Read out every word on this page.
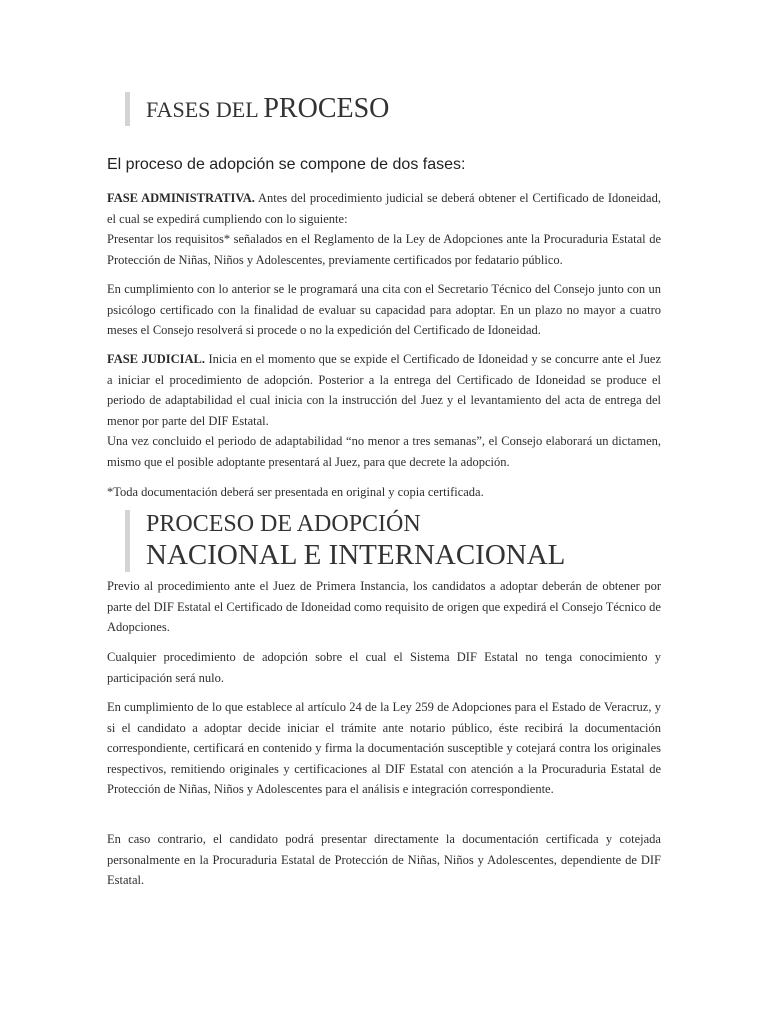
FASES DEL PROCESO
El proceso de adopción se compone de dos fases:

FASE ADMINISTRATIVA. Antes del procedimiento judicial se deberá obtener el Certificado de Idoneidad, el cual se expedirá cumpliendo con lo siguiente:
Presentar los requisitos* señalados en el Reglamento de la Ley de Adopciones ante la Procuraduria Estatal de Protección de Niñas, Niños y Adolescentes, previamente certificados por fedatario público.

En cumplimiento con lo anterior se le programará una cita con el Secretario Técnico del Consejo junto con un psicólogo certificado con la finalidad de evaluar su capacidad para adoptar. En un plazo no mayor a cuatro meses el Consejo resolverá si procede o no la expedición del Certificado de Idoneidad.

FASE JUDICIAL. Inicia en el momento que se expide el Certificado de Idoneidad y se concurre ante el Juez a iniciar el procedimiento de adopción. Posterior a la entrega del Certificado de Idoneidad se produce el periodo de adaptabilidad el cual inicia con la instrucción del Juez y el levantamiento del acta de entrega del menor por parte del DIF Estatal.
Una vez concluido el periodo de adaptabilidad “no menor a tres semanas”, el Consejo elaborará un dictamen, mismo que el posible adoptante presentará al Juez, para que decrete la adopción.

*Toda documentación deberá ser presentada en original y copia certificada.

PROCESO DE ADOPCIÓN
NACIONAL E INTERNACIONAL

Previo al procedimiento ante el Juez de Primera Instancia, los candidatos a adoptar deberán de obtener por parte del DIF Estatal el Certificado de Idoneidad como requisito de origen que expedirá el Consejo Técnico de Adopciones.

Cualquier procedimiento de adopción sobre el cual el Sistema DIF Estatal no tenga conocimiento y participación será nulo.

En cumplimiento de lo que establece al artículo 24 de la Ley 259 de Adopciones para el Estado de Veracruz, y si el candidato a adoptar decide iniciar el trámite ante notario público, éste recibirá la documentación correspondiente, certificará en contenido y firma la documentación susceptible y cotejará contra los originales respectivos, remitiendo originales y certificaciones al DIF Estatal con atención a la Procuraduria Estatal de Protección de Niñas, Niños y Adolescentes para el análisis e integración correspondiente.

En caso contrario, el candidato podrá presentar directamente la documentación certificada y cotejada personalmente en la Procuraduria Estatal de Protección de Niñas, Niños y Adolescentes, dependiente de DIF Estatal.
